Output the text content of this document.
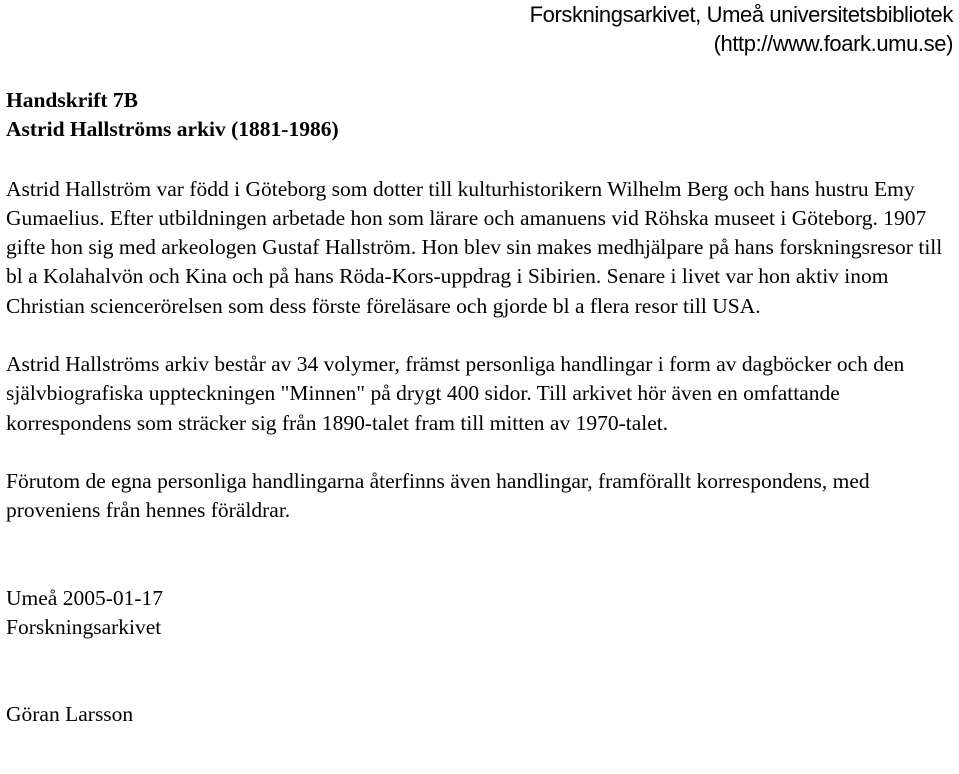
Forskningsarkivet, Umeå universitetsbibliotek
(http://www.foark.umu.se)
Handskrift 7B
Astrid Hallströms arkiv (1881-1986)

Astrid Hallström var född i Göteborg som dotter till kulturhistorikern Wilhelm Berg och hans hustru Emy Gumaelius. Efter utbildningen arbetade hon som lärare och amanuens vid Röhska museet i Göteborg. 1907 gifte hon sig med arkeologen Gustaf Hallström. Hon blev sin makes medhjälpare på hans forskningsresor till bl a Kolahalvön och Kina och på hans Röda-Kors-uppdrag i Sibirien. Senare i livet var hon aktiv inom Christian sciencerörelsen som dess förste föreläsare och gjorde bl a flera resor till USA.

Astrid Hallströms arkiv består av 34 volymer, främst personliga handlingar i form av dagböcker och den självbiografiska uppteckningen "Minnen" på drygt 400 sidor. Till arkivet hör även en omfattande korrespondens som sträcker sig från 1890-talet fram till mitten av 1970-talet.

Förutom de egna personliga handlingarna återfinns även handlingar, framförallt korrespondens, med proveniens från hennes föräldrar.

Umeå 2005-01-17
Forskningsarkivet
Göran Larsson
